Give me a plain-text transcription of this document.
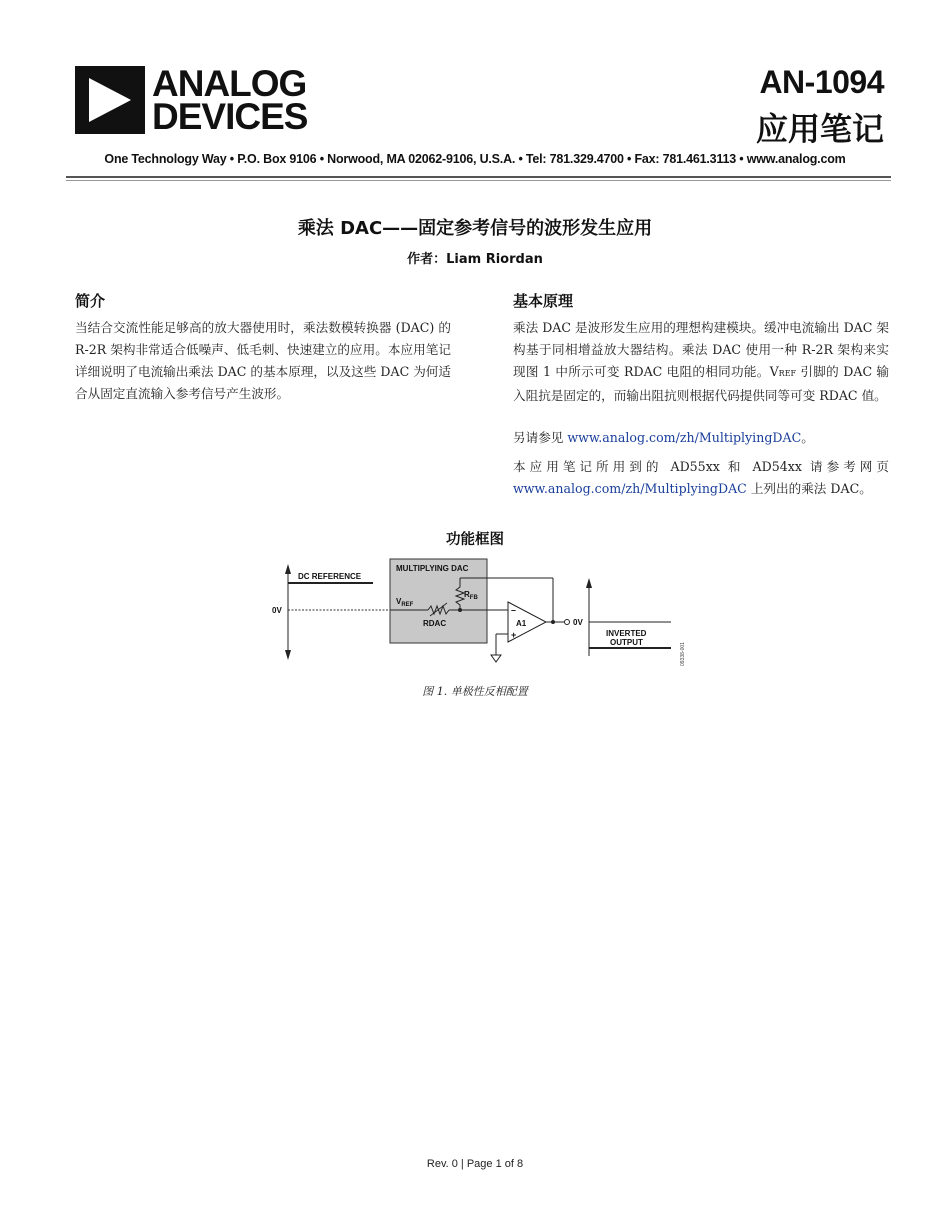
ANALOG
DEVICES
AN-1094
应用笔记
One Technology Way • P.O. Box 9106 • Norwood, MA 02062-9106, U.S.A. • Tel: 781.329.4700 • Fax: 781.461.3113 • www.analog.com
乘法 DAC——固定参考信号的波形发生应用
作者：Liam Riordan
简介
当结合交流性能足够高的放大器使用时，乘法数模转换器 (DAC) 的 R-2R 架构非常适合低噪声、低毛刺、快速建立的应用。本应用笔记详细说明了电流输出乘法 DAC 的基本原理，以及这些 DAC 为何适合从固定直流输入参考信号产生波形。
基本原理
乘法 DAC 是波形发生应用的理想构建模块。缓冲电流输出 DAC 架构基于同相增益放大器结构。乘法 DAC 使用一种 R-2R 架构来实现图 1 中所示可变 RDAC 电阻的相同功能。VREF 引脚的 DAC 输入阻抗是固定的，而输出阻抗则根据代码提供同等可变 RDAC 值。
另请参见 www.analog.com/zh/MultiplyingDAC。
本应用笔记所用到的 AD55xx 和 AD54xx 请参考网页 www.analog.com/zh/MultiplyingDAC 上列出的乘法 DAC。
功能框图
DC REFERENCE
0V
MULTIPLYING DAC
$V_{REF}$
RDAC
$R_{FB}$
–
+
A1	0V
INVERTED
OUTPUT	09338-001
图 1. 单极性反相配置
Rev. 0 | Page 1 of 8
